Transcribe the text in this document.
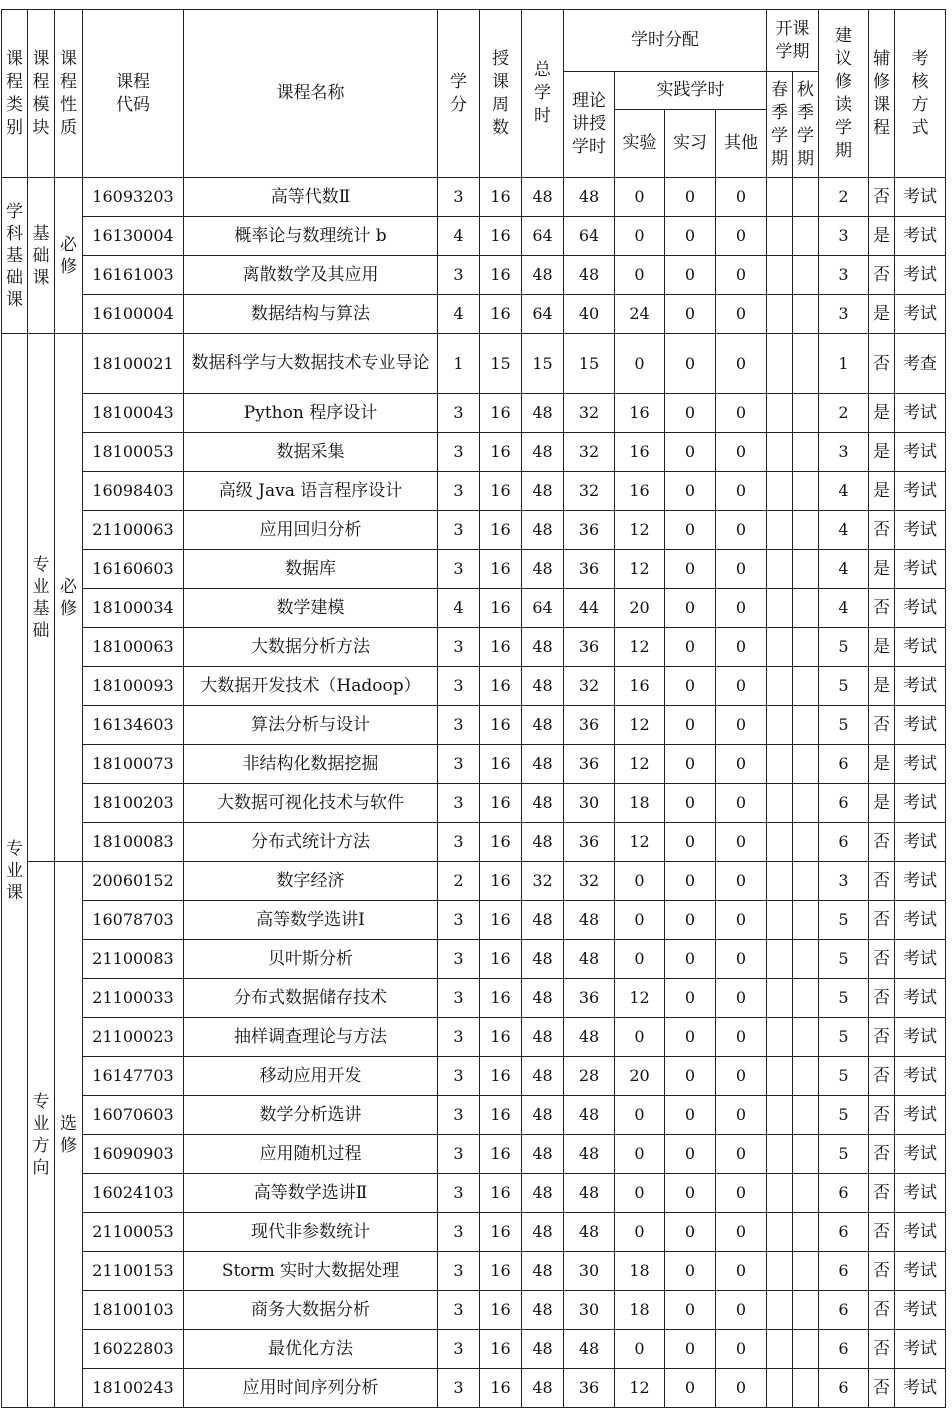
课程类别	课程模块	课程性质	课程代码	课程名称	学分	授课周数	总学时	学时分配				开课学期		建议修读学期	辅修课程	考核方式
								理论讲授学时	实践学时			春季学期	秋季学期			
									实验	实习	其他					
学科基础课	基础课	必修	16093203	高等代数Ⅱ	3	16	48	48	0	0	0			2	否	考试
			16130004	概率论与数理统计 b	4	16	64	64	0	0	0			3	是	考试
			16161003	离散数学及其应用	3	16	48	48	0	0	0			3	否	考试
			16100004	数据结构与算法	4	16	64	40	24	0	0			3	是	考试
专业课	专业基础	必修	18100021	数据科学与大数据技术专业导论	1	15	15	15	0	0	0			1	否	考查
			18100043	Python 程序设计	3	16	48	32	16	0	0			2	是	考试
			18100053	数据采集	3	16	48	32	16	0	0			3	是	考试
			16098403	高级 Java 语言程序设计	3	16	48	32	16	0	0			4	是	考试
			21100063	应用回归分析	3	16	48	36	12	0	0			4	否	考试
			16160603	数据库	3	16	48	36	12	0	0			4	是	考试
			18100034	数学建模	4	16	64	44	20	0	0			4	否	考试
			18100063	大数据分析方法	3	16	48	36	12	0	0			5	是	考试
			18100093	大数据开发技术（Hadoop）	3	16	48	32	16	0	0			5	是	考试
			16134603	算法分析与设计	3	16	48	36	12	0	0			5	否	考试
			18100073	非结构化数据挖掘	3	16	48	36	12	0	0			6	是	考试
			18100203	大数据可视化技术与软件	3	16	48	30	18	0	0			6	是	考试
			18100083	分布式统计方法	3	16	48	36	12	0	0			6	否	考试
	专业方向	选修	20060152	数字经济	2	16	32	32	0	0	0			3	否	考试
			16078703	高等数学选讲Ⅰ	3	16	48	48	0	0	0			5	否	考试
			21100083	贝叶斯分析	3	16	48	48	0	0	0			5	否	考试
			21100033	分布式数据储存技术	3	16	48	36	12	0	0			5	否	考试
			21100023	抽样调查理论与方法	3	16	48	48	0	0	0			5	否	考试
			16147703	移动应用开发	3	16	48	28	20	0	0			5	否	考试
			16070603	数学分析选讲	3	16	48	48	0	0	0			5	否	考试
			16090903	应用随机过程	3	16	48	48	0	0	0			5	否	考试
			16024103	高等数学选讲Ⅱ	3	16	48	48	0	0	0			6	否	考试
			21100053	现代非参数统计	3	16	48	48	0	0	0			6	否	考试
			21100153	Storm 实时大数据处理	3	16	48	30	18	0	0			6	否	考试
			18100103	商务大数据分析	3	16	48	30	18	0	0			6	否	考试
			16022803	最优化方法	3	16	48	48	0	0	0			6	否	考试
			18100243	应用时间序列分析	3	16	48	36	12	0	0			6	否	考试
